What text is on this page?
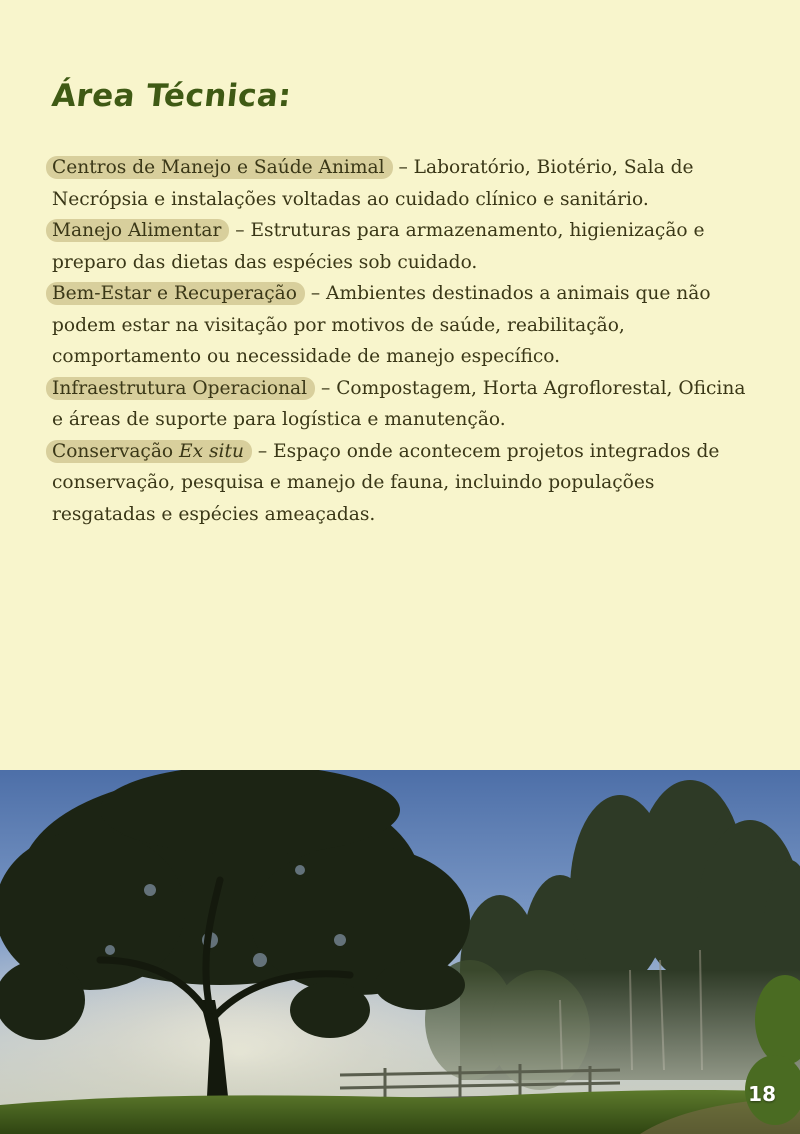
Área Técnica:

Centros de Manejo e Saúde Animal – Laboratório, Biotério, Sala de Necrópsia e instalações voltadas ao cuidado clínico e sanitário.

Manejo Alimentar – Estruturas para armazenamento, higienização e preparo das dietas das espécies sob cuidado.

Bem-Estar e Recuperação – Ambientes destinados a animais que não podem estar na visitação por motivos de saúde, reabilitação, comportamento ou necessidade de manejo específico.

Infraestrutura Operacional – Compostagem, Horta Agroflorestal, Oficina e áreas de suporte para logística e manutenção.

Conservação Ex situ – Espaço onde acontecem projetos integrados de conservação, pesquisa e manejo de fauna, incluindo populações resgatadas e espécies ameaçadas.

18
